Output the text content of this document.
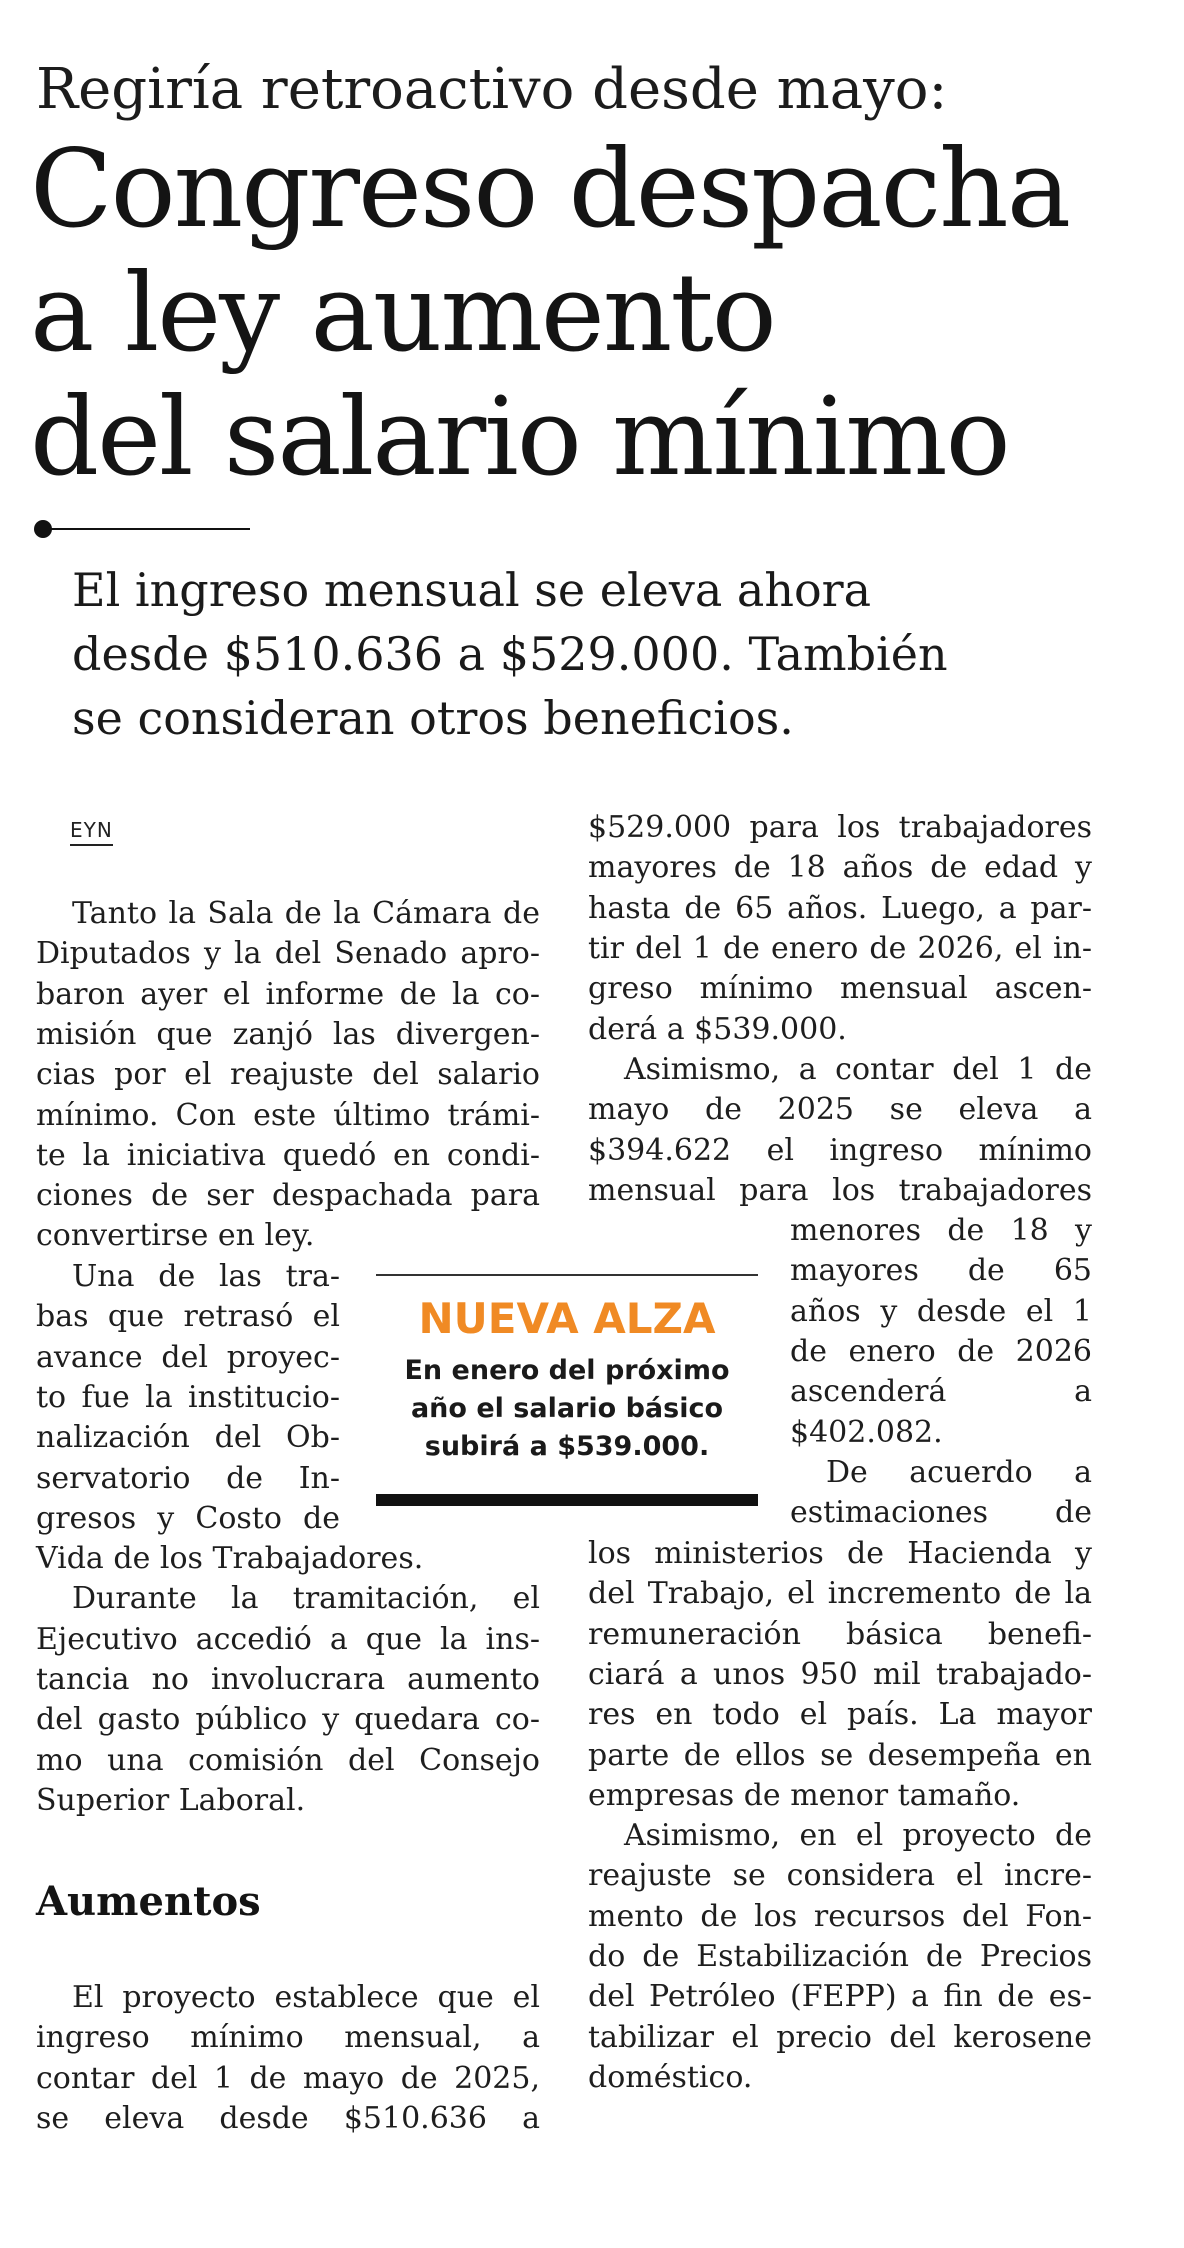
Regiría retroactivo desde mayo:
Congreso despacha
a ley aumento
del salario mínimo
El ingreso mensual se eleva ahora
desde $510.636 a $529.000. También
se consideran otros beneficios.
EYN
Tanto la Sala de la Cámara de
Diputados y la del Senado apro-
baron ayer el informe de la co-
misión que zanjó las divergen-
cias por el reajuste del salario
mínimo. Con este último trámi-
te la iniciativa quedó en condi-
ciones de ser despachada para
convertirse en ley.
Una de las tra-
bas que retrasó el
avance del proyec-
to fue la institucio-
nalización del Ob-
servatorio de In-
gresos y Costo de
Vida de los Trabajadores.
Durante la tramitación, el
Ejecutivo accedió a que la ins-
tancia no involucrara aumento
del gasto público y quedara co-
mo una comisión del Consejo
Superior Laboral.
El proyecto establece que el
ingreso mínimo mensual, a
contar del 1 de mayo de 2025,
se eleva desde $510.636 a
$529.000 para los trabajadores
mayores de 18 años de edad y
hasta de 65 años. Luego, a par-
tir del 1 de enero de 2026, el in-
greso mínimo mensual ascen-
derá a $539.000.
Asimismo, a contar del 1 de
mayo de 2025 se eleva a
$394.622 el ingreso mínimo
mensual para los trabajadores
menores de 18 y
mayores de 65
años y desde el 1
de enero de 2026
ascenderá a
$402.082.
De acuerdo a
estimaciones de
los ministerios de Hacienda y
del Trabajo, el incremento de la
remuneración básica benefi-
ciará a unos 950 mil trabajado-
res en todo el país. La mayor
parte de ellos se desempeña en
empresas de menor tamaño.
Asimismo, en el proyecto de
reajuste se considera el incre-
mento de los recursos del Fon-
do de Estabilización de Precios
del Petróleo (FEPP) a fin de es-
tabilizar el precio del kerosene
doméstico.
Aumentos
NUEVA ALZA
En enero del próximo
año el salario básico
subirá a $539.000.
